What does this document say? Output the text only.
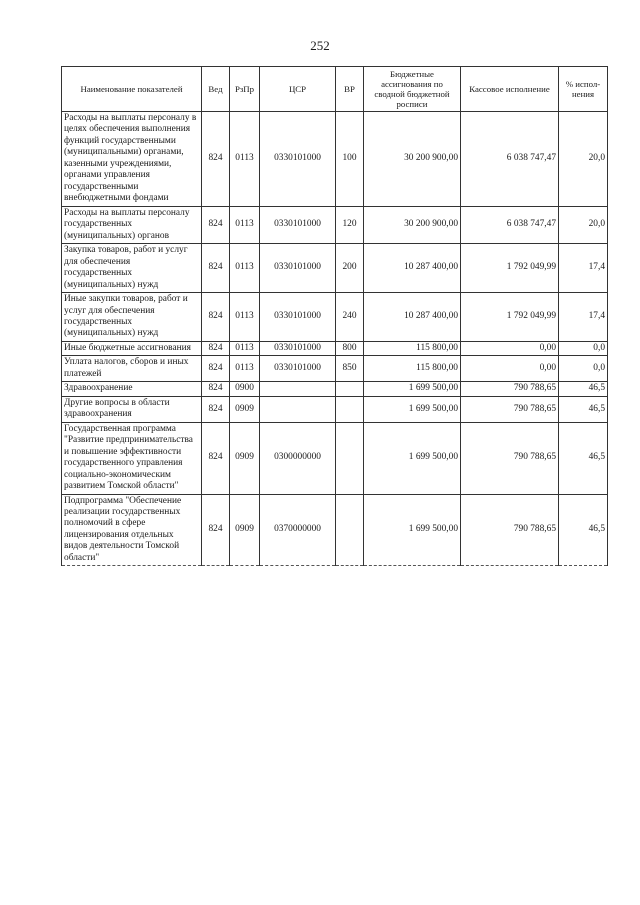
252
Наименование показателей	Вед	РзПр	ЦСР	ВР	Бюджетные ассигнования по сводной бюджетной росписи	Кассовое исполнение	% испол-нения
Расходы на выплаты персоналу в целях обеспечения выполнения функций государственными (муниципальными) органами, казенными учреждениями, органами управления государственными внебюджетными фондами	824	0113	0330101000	100	30 200 900,00	6 038 747,47	20,0
Расходы на выплаты персоналу государственных (муниципальных) органов	824	0113	0330101000	120	30 200 900,00	6 038 747,47	20,0
Закупка товаров, работ и услуг для обеспечения государственных (муниципальных) нужд	824	0113	0330101000	200	10 287 400,00	1 792 049,99	17,4
Иные закупки товаров, работ и услуг для обеспечения государственных (муниципальных) нужд	824	0113	0330101000	240	10 287 400,00	1 792 049,99	17,4
Иные бюджетные ассигнования	824	0113	0330101000	800	115 800,00	0,00	0,0
Уплата налогов, сборов и иных платежей	824	0113	0330101000	850	115 800,00	0,00	0,0
Здравоохранение	824	0900			1 699 500,00	790 788,65	46,5
Другие вопросы в области здравоохранения	824	0909			1 699 500,00	790 788,65	46,5
Государственная программа "Развитие предпринимательства и повышение эффективности государственного управления социально-экономическим развитием Томской области"	824	0909	0300000000		1 699 500,00	790 788,65	46,5
Подпрограмма "Обеспечение реализации государственных полномочий в сфере лицензирования отдельных видов деятельности Томской области"	824	0909	0370000000		1 699 500,00	790 788,65	46,5
